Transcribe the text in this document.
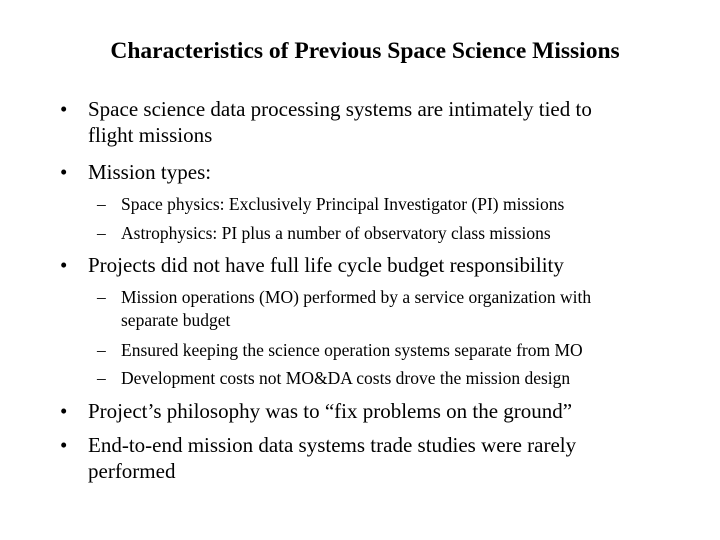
Characteristics of Previous Space Science Missions
• Space science data processing systems are intimately tied to
flight missions
• Mission types:
– Space physics: Exclusively Principal Investigator (PI) missions
– Astrophysics: PI plus a number of observatory class missions
• Projects did not have full life cycle budget responsibility
– Mission operations (MO) performed by a service organization with
separate budget
– Ensured keeping the science operation systems separate from MO
– Development costs not MO&DA costs drove the mission design
• Project’s philosophy was to “fix problems on the ground”
• End-to-end mission data systems trade studies were rarely
performed
